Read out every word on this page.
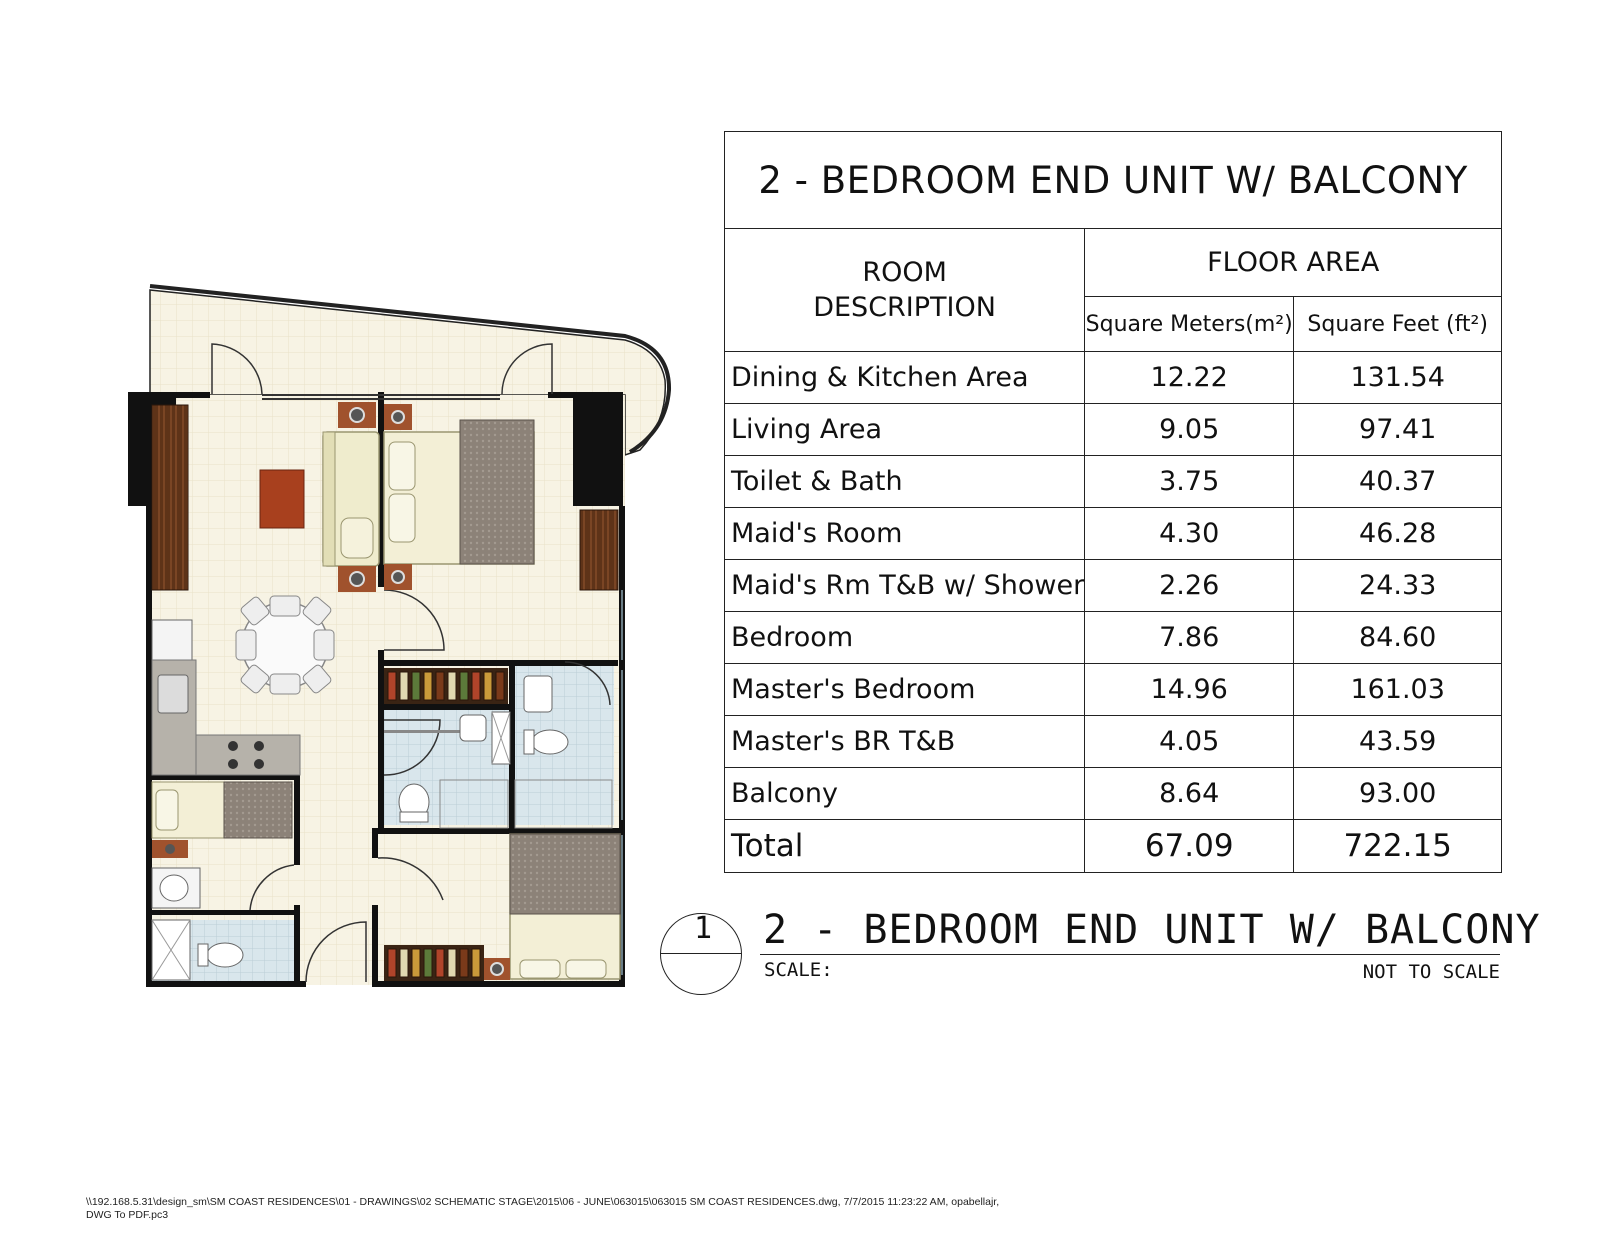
2 - BEDROOM END UNIT W/ BALCONY		

ROOM
DESCRIPTION	FLOOR AREA	
	Square Meters(m²)	Square Feet (ft²)
Dining & Kitchen Area	12.22	131.54
Living Area	9.05	97.41
Toilet & Bath	3.75	40.37
Maid's Room	4.30	46.28
Maid's Rm T&B w/ Shower	2.26	24.33
Bedroom	7.86	84.60
Master's Bedroom	14.96	161.03
Master's BR T&B	4.05	43.59
Balcony	8.64	93.00
Total	67.09	722.15
1 2 - BEDROOM END UNIT W/ BALCONY
SCALE:	NOT TO SCALE
\\192.168.5.31\design_sm\SM COAST RESIDENCES\01 - DRAWINGS\02 SCHEMATIC STAGE\2015\06 - JUNE\063015\063015 SM COAST RESIDENCES.dwg, 7/7/2015 11:23:22 AM, opabellajr,
DWG To PDF.pc3
